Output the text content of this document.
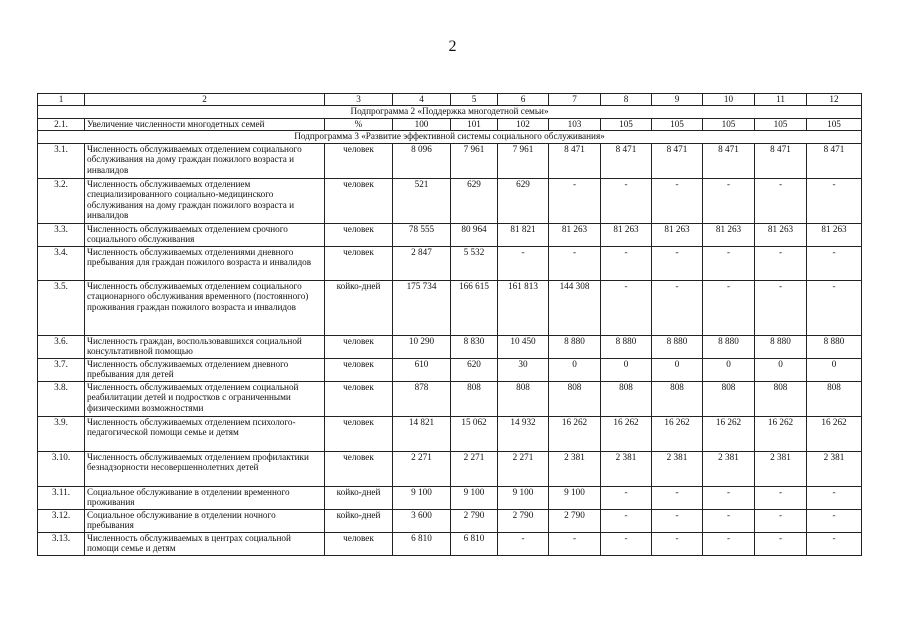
2
1	2	3	4	5	6	7	8	9	10	11	12
Подпрограмма 2 «Поддержка многодетной семьи»											
2.1.	Увеличение численности многодетных семей	%	100	101	102	103	105	105	105	105	105
Подпрограмма 3 «Развитие эффективной системы социального обслуживания»											
3.1.	Численность обслуживаемых отделением социального обслуживания на дому граждан пожилого возраста и инвалидов	человек	8 096	7 961	7 961	8 471	8 471	8 471	8 471	8 471	8 471
3.2.	Численность обслуживаемых отделением специализированного социально-медицинского обслуживания на дому граждан пожилого возраста и инвалидов	человек	521	629	629	-	-	-	-	-	-
3.3.	Численность обслуживаемых отделением срочного социального обслуживания	человек	78 555	80 964	81 821	81 263	81 263	81 263	81 263	81 263	81 263
3.4.	Численность обслуживаемых отделениями дневного пребывания для граждан пожилого возраста и инвалидов	человек	2 847	5 532	-	-	-	-	-	-	-
3.5.	Численность обслуживаемых отделением социального стационарного обслуживания временного (постоянного) проживания граждан пожилого возраста и инвалидов	койко-дней	175 734	166 615	161 813	144 308	-	-	-	-	-
3.6.	Численность граждан, воспользовавшихся социальной консультативной помощью	человек	10 290	8 830	10 450	8 880	8 880	8 880	8 880	8 880	8 880
3.7.	Численность обслуживаемых отделением дневного пребывания для детей	человек	610	620	30	0	0	0	0	0	0
3.8.	Численность обслуживаемых отделением социальной реабилитации детей и подростков с ограниченными физическими возможностями	человек	878	808	808	808	808	808	808	808	808
3.9.	Численность обслуживаемых отделением психолого-педагогической помощи семье и детям	человек	14 821	15 062	14 932	16 262	16 262	16 262	16 262	16 262	16 262
3.10.	Численность обслуживаемых отделением профилактики безнадзорности несовершеннолетних детей	человек	2 271	2 271	2 271	2 381	2 381	2 381	2 381	2 381	2 381
3.11.	Социальное обслуживание в отделении временного проживания	койко-дней	9 100	9 100	9 100	9 100	-	-	-	-	-
3.12.	Социальное обслуживание в отделении ночного пребывания	койко-дней	3 600	2 790	2 790	2 790	-	-	-	-	-
3.13.	Численность обслуживаемых в центрах социальной помощи семье и детям	человек	6 810	6 810	-	-	-	-	-	-	-
